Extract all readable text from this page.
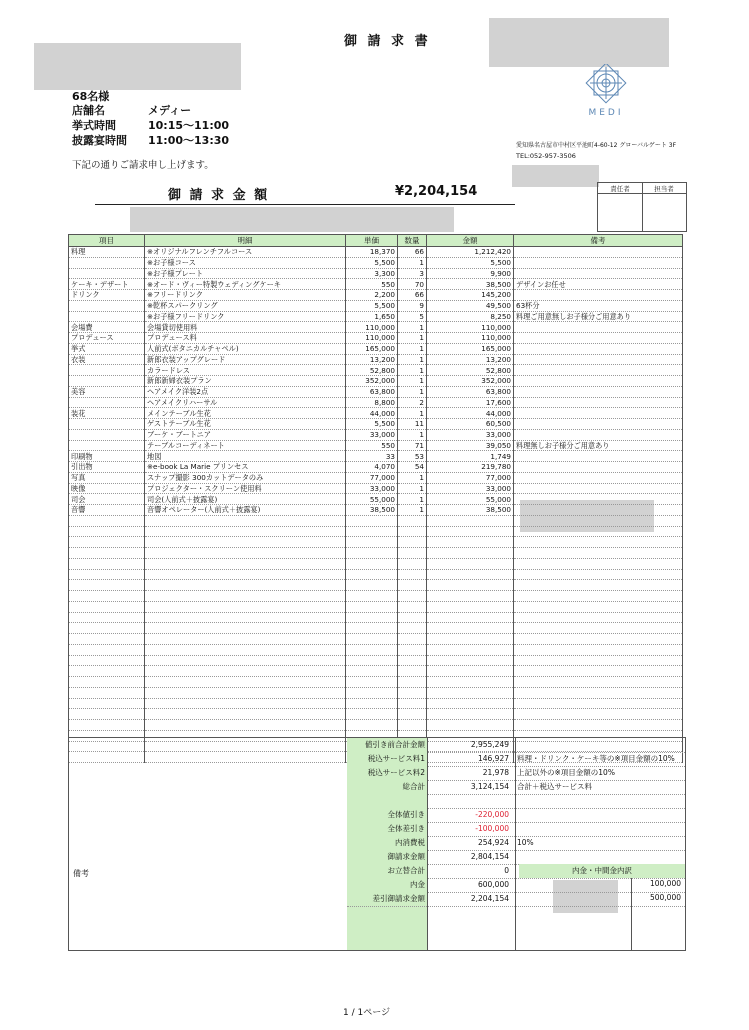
御 請 求 書
68名様
店舗名	メディー
挙式時間	10:15～11:00
披露宴時間 11:00～13:30
下記の通りご請求申し上げます。
御 請 求 金 額	¥2,204,154
MEDI
愛知県名古屋市中村区平池町4-60-12 グローバルゲート 3F
TEL:052-957-3506
責任者	担当者
項目	明細	単価	数量	金額	備考
料理	※オリジナルフレンチフルコース	18,370	66	1,212,420	
	※お子様コース	5,500	1	5,500	
	※お子様プレート	3,300	3	9,900	
ケーキ・デザート	※オード・ヴィー特製ウェディングケーキ	550	70	38,500	デザインお任せ
ドリンク	※フリードリンク	2,200	66	145,200	
	※乾杯スパークリング	5,500	9	49,500	63杯分
	※お子様フリードリンク	1,650	5	8,250	料理ご用意無しお子様分ご用意あり
会場費	会場貸切使用料	110,000	1	110,000	
プロデュース	プロデュース料	110,000	1	110,000	
挙式	人前式(ボタニカルチャペル)	165,000	1	165,000	
衣装	新郎衣装アップグレード	13,200	1	13,200	
	カラードレス	52,800	1	52,800	
	新郎新婦衣装プラン	352,000	1	352,000	
美容	ヘアメイク洋装2点	63,800	1	63,800	
	ヘアメイクリハーサル	8,800	2	17,600	
装花	メインテーブル生花	44,000	1	44,000	
	ゲストテーブル生花	5,500	11	60,500	
	ブーケ・ブートニア	33,000	1	33,000	
	テーブルコーディネート	550	71	39,050	料理無しお子様分ご用意あり
印刷物	地図	33	53	1,749	
引出物	※e-book La Marie プリンセス	4,070	54	219,780	
写真	スナップ撮影 300カットデータのみ	77,000	1	77,000	
映像	プロジェクター・スクリーン使用料	33,000	1	33,000	
司会	司会(人前式＋披露宴)	55,000	1	55,000	
音響	音響オペレーター(人前式＋披露宴)	38,500	1	38,500	

備考
値引き前合計金額	2,955,249
税込サービス料1	146,927	料理・ドリンク・ケーキ等の※項目金額の10%
税込サービス料2	21,978	上記以外の※項目金額の10%
総合計	3,124,154	合計＋税込サービス料
全体値引き	-220,000
全体差引き	-100,000
内消費税	254,924	10%
御請求金額	2,804,154
お立替合計	0
内金	600,000
差引御請求金額	2,204,154
内金・中間金内訳
100,000
500,000
1 / 1ページ
